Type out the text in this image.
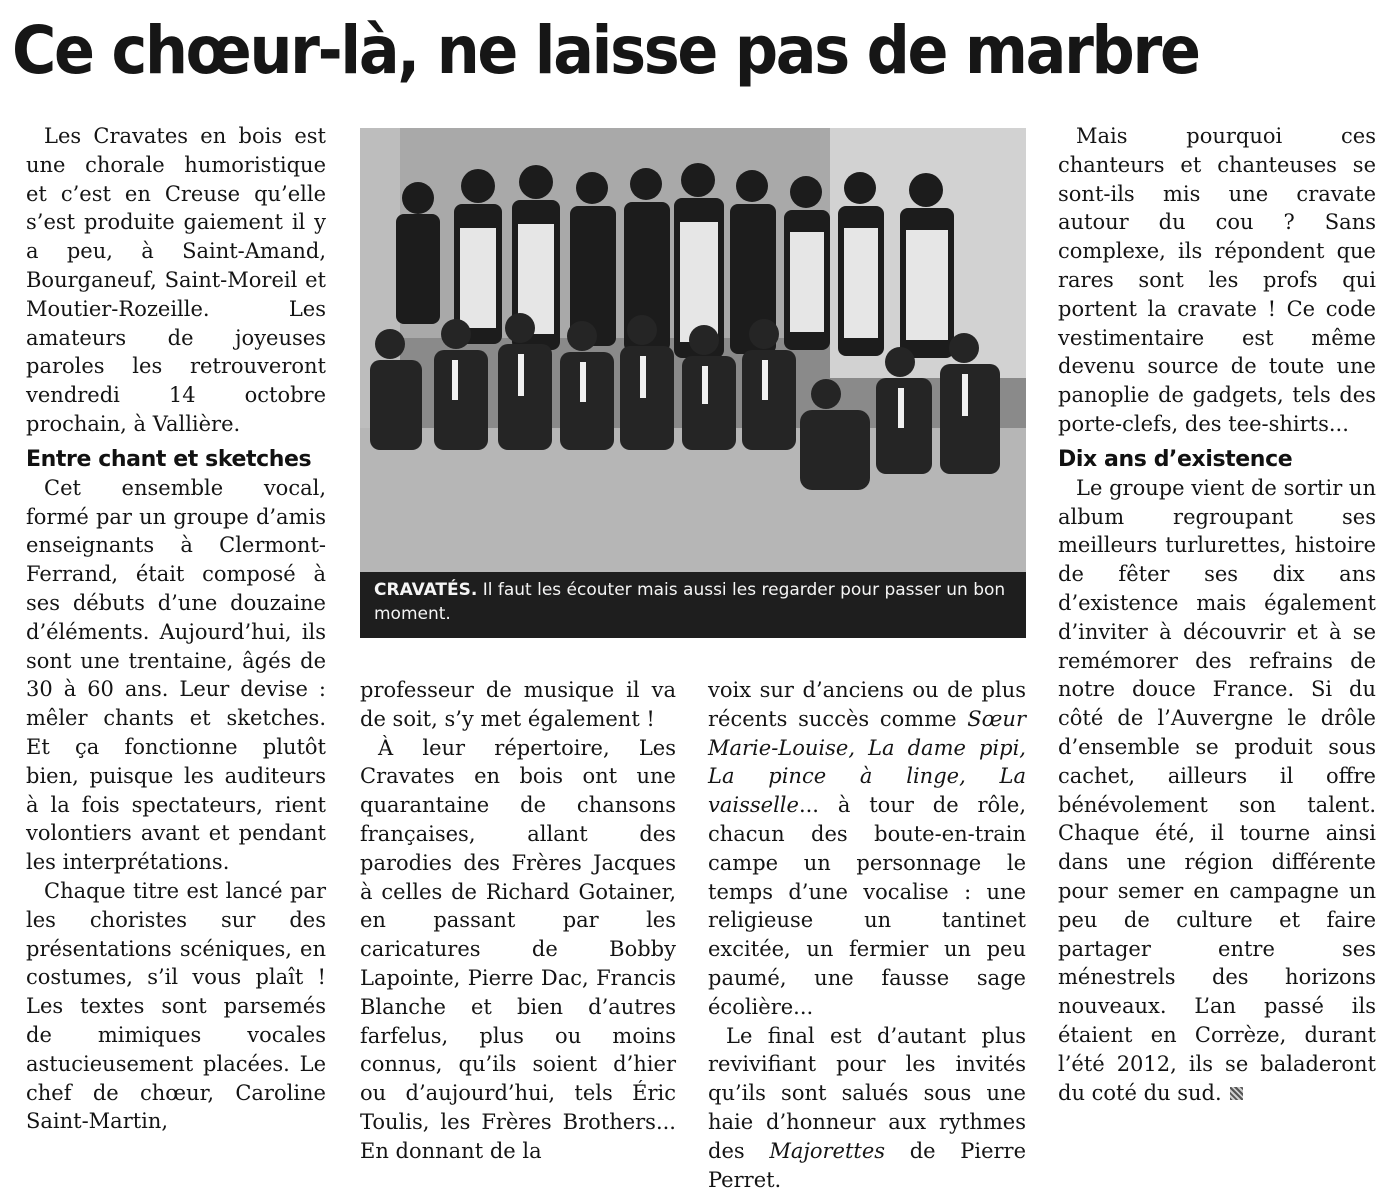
Ce chœur-là, ne laisse pas de marbre

Les Cravates en bois est une chorale humoristique et c’est en Creuse qu’elle s’est produite gaiement il y a peu, à Saint-Amand, Bourganeuf, Saint-Moreil et Moutier-Rozeille. Les amateurs de joyeuses paroles les retrouveront vendredi 14 octobre prochain, à Vallière.

Entre chant et sketches

Cet ensemble vocal, formé par un groupe d’amis enseignants à Clermont-Ferrand, était composé à ses débuts d’une douzaine d’éléments. Aujourd’hui, ils sont une trentaine, âgés de 30 à 60 ans. Leur devise : mêler chants et sketches. Et ça fonctionne plutôt bien, puisque les auditeurs à la fois spectateurs, rient volontiers avant et pendant les interprétations.

Chaque titre est lancé par les choristes sur des présentations scéniques, en costumes, s’il vous plaît ! Les textes sont parsemés de mimiques vocales astucieusement placées. Le chef de chœur, Caroline Saint-Martin,

CRAVATÉS. Il faut les écouter mais aussi les regarder pour passer un bon moment.

professeur de musique il va de soit, s’y met également !

À leur répertoire, Les Cravates en bois ont une quarantaine de chansons françaises, allant des parodies des Frères Jacques à celles de Richard Gotainer, en passant par les caricatures de Bobby Lapointe, Pierre Dac, Francis Blanche et bien d’autres farfelus, plus ou moins connus, qu’ils soient d’hier ou d’aujourd’hui, tels Éric Toulis, les Frères Brothers... En donnant de la

voix sur d’anciens ou de plus récents succès comme Sœur Marie-Louise, La dame pipi, La pince à linge, La vaisselle... à tour de rôle, chacun des boute-en-train campe un personnage le temps d’une vocalise : une religieuse un tantinet excitée, un fermier un peu paumé, une fausse sage écolière...

Le final est d’autant plus revivifiant pour les invités qu’ils sont salués sous une haie d’honneur aux rythmes des Majorettes de Pierre Perret.

Mais pourquoi ces chanteurs et chanteuses se sont-ils mis une cravate autour du cou ? Sans complexe, ils répondent que rares sont les profs qui portent la cravate ! Ce code vestimentaire est même devenu source de toute une panoplie de gadgets, tels des porte-clefs, des tee-shirts...

Dix ans d’existence

Le groupe vient de sortir un album regroupant ses meilleurs turlurettes, histoire de fêter ses dix ans d’existence mais également d’inviter à découvrir et à se remémorer des refrains de notre douce France. Si du côté de l’Auvergne le drôle d’ensemble se produit sous cachet, ailleurs il offre bénévolement son talent. Chaque été, il tourne ainsi dans une région différente pour semer en campagne un peu de culture et faire partager entre ses ménestrels des horizons nouveaux. L’an passé ils étaient en Corrèze, durant l’été 2012, ils se baladeront du coté du sud.
